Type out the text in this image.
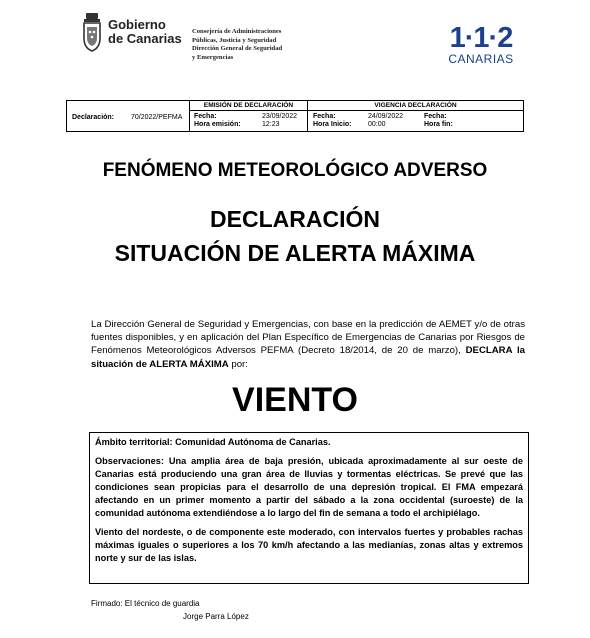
Gobierno
de Canarias Consejería de Administraciones
Públicas, Justicia y Seguridad
Dirección General de Seguridad
y Emergencias
1·1·2
CANARIAS
Declaración: 70/2022/PEFMA
EMISIÓN DE DECLARACIÓN
Fecha:	23/09/2022
Hora emisión:	12:23
VIGENCIA DECLARACIÓN
Fecha:	24/09/2022
Hora Inicio: 00:00
Fecha:
Hora fin:
FENÓMENO METEOROLÓGICO ADVERSO
DECLARACIÓN
SITUACIÓN DE ALERTA MÁXIMA
La Dirección General de Seguridad y Emergencias, con base en la predicción de AEMET y/o de otras fuentes disponibles, y en aplicación del Plan Específico de Emergencias de Canarias por Riesgos de Fenómenos Meteorológicos Adversos PEFMA (Decreto 18/2014, de 20 de marzo), DECLARA la situación de ALERTA MÁXIMA por:
VIENTO

Ámbito territorial: Comunidad Autónoma de Canarias.

Observaciones: Una amplia área de baja presión, ubicada aproximadamente al sur oeste de Canarias está produciendo una gran área de lluvias y tormentas eléctricas. Se prevé que las condiciones sean propicias para el desarrollo de una depresión tropical. El FMA empezará afectando en un primer momento a partir del sábado a la zona occidental (suroeste) de la comunidad autónoma extendiéndose a lo largo del fin de semana a todo el archipiélago.

Viento del nordeste, o de componente este moderado, con intervalos fuertes y probables rachas máximas iguales o superiores a los 70 km/h afectando a las medianías, zonas altas y extremos norte y sur de las islas.

Firmado: El técnico de guardia
Jorge Parra López
